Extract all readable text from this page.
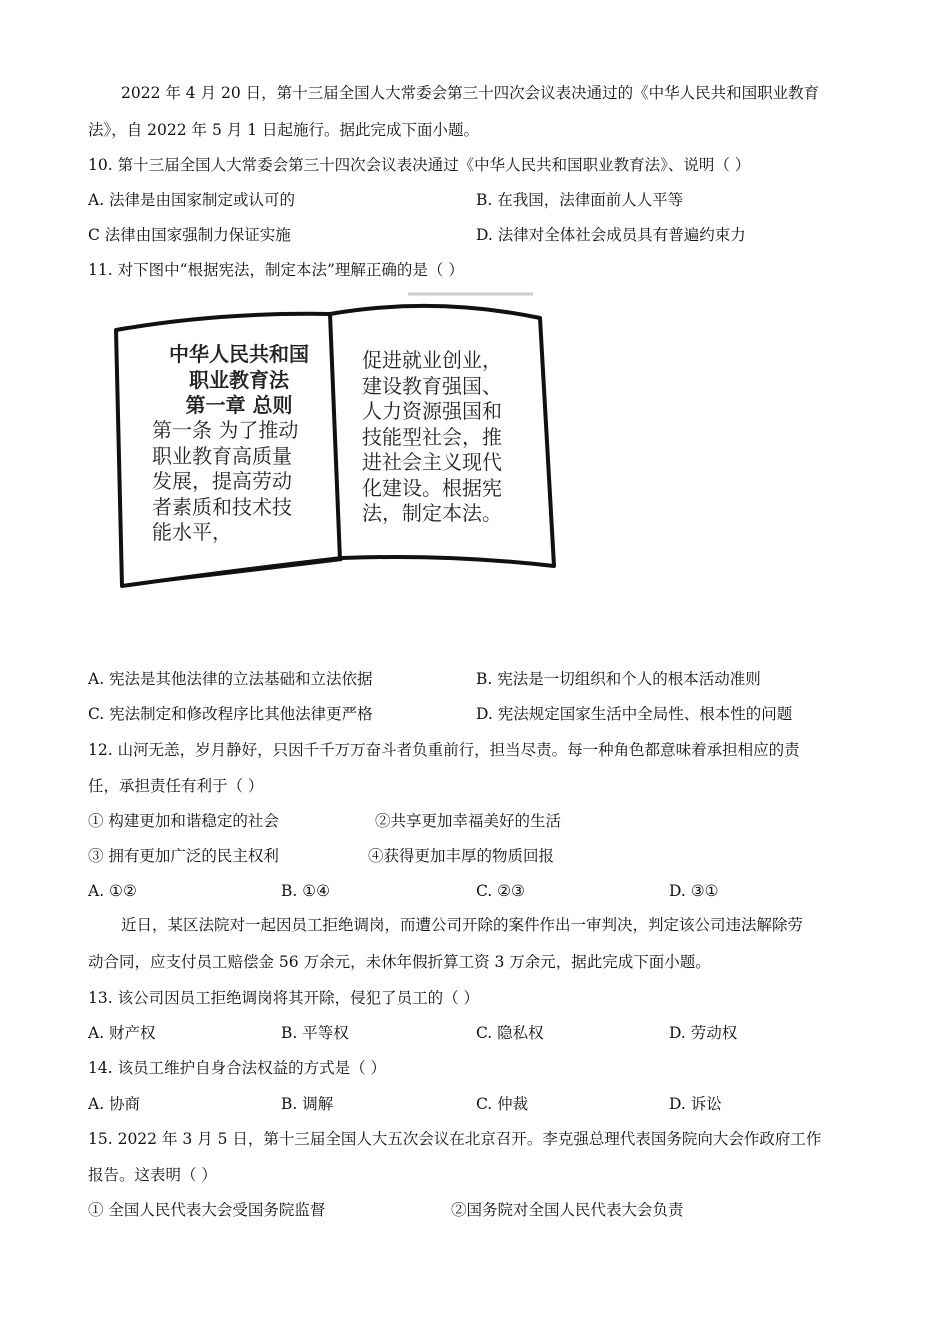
2022 年 4 月 20 日，第十三届全国人大常委会第三十四次会议表决通过的《中华人民共和国职业教育
法》，自 2022 年 5 月 1 日起施行。据此完成下面小题。
10. 第十三届全国人大常委会第三十四次会议表决通过《中华人民共和国职业教育法》、说明（ ）
A. 法律是由国家制定或认可的	B. 在我国，法律面前人人平等
C 法律由国家强制力保证实施	D. 法律对全体社会成员具有普遍约束力
11. 对下图中“根据宪法，制定本法”理解正确的是（ ）
中华人民共和国
职业教育法
第一章 总则
第一条 为了推动
职业教育高质量
发展，提高劳动
者素质和技术技
能水平，
促进就业创业，
建设教育强国、
人力资源强国和
技能型社会，推
进社会主义现代
化建设。根据宪
法，制定本法。
A. 宪法是其他法律的立法基础和立法依据	B. 宪法是一切组织和个人的根本活动准则
C. 宪法制定和修改程序比其他法律更严格	D. 宪法规定国家生活中全局性、根本性的问题
12. 山河无恙，岁月静好，只因千千万万奋斗者负重前行，担当尽责。每一种角色都意味着承担相应的责
任，承担责任有利于（ ）
① 构建更加和谐稳定的社会	②共享更加幸福美好的生活
③ 拥有更加广泛的民主权利	④获得更加丰厚的物质回报
A. ①②	B. ①④	C. ②③	D. ③①
近日，某区法院对一起因员工拒绝调岗，而遭公司开除的案件作出一审判决，判定该公司违法解除劳
动合同，应支付员工赔偿金 56 万余元，未休年假折算工资 3 万余元，据此完成下面小题。
13. 该公司因员工拒绝调岗将其开除，侵犯了员工的（ ）
A. 财产权	B. 平等权	C. 隐私权	D. 劳动权
14. 该员工维护自身合法权益的方式是（ ）
A. 协商	B. 调解	C. 仲裁	D. 诉讼
15. 2022 年 3 月 5 日，第十三届全国人大五次会议在北京召开。李克强总理代表国务院向大会作政府工作
报告。这表明（ ）
① 全国人民代表大会受国务院监督	②国务院对全国人民代表大会负责
